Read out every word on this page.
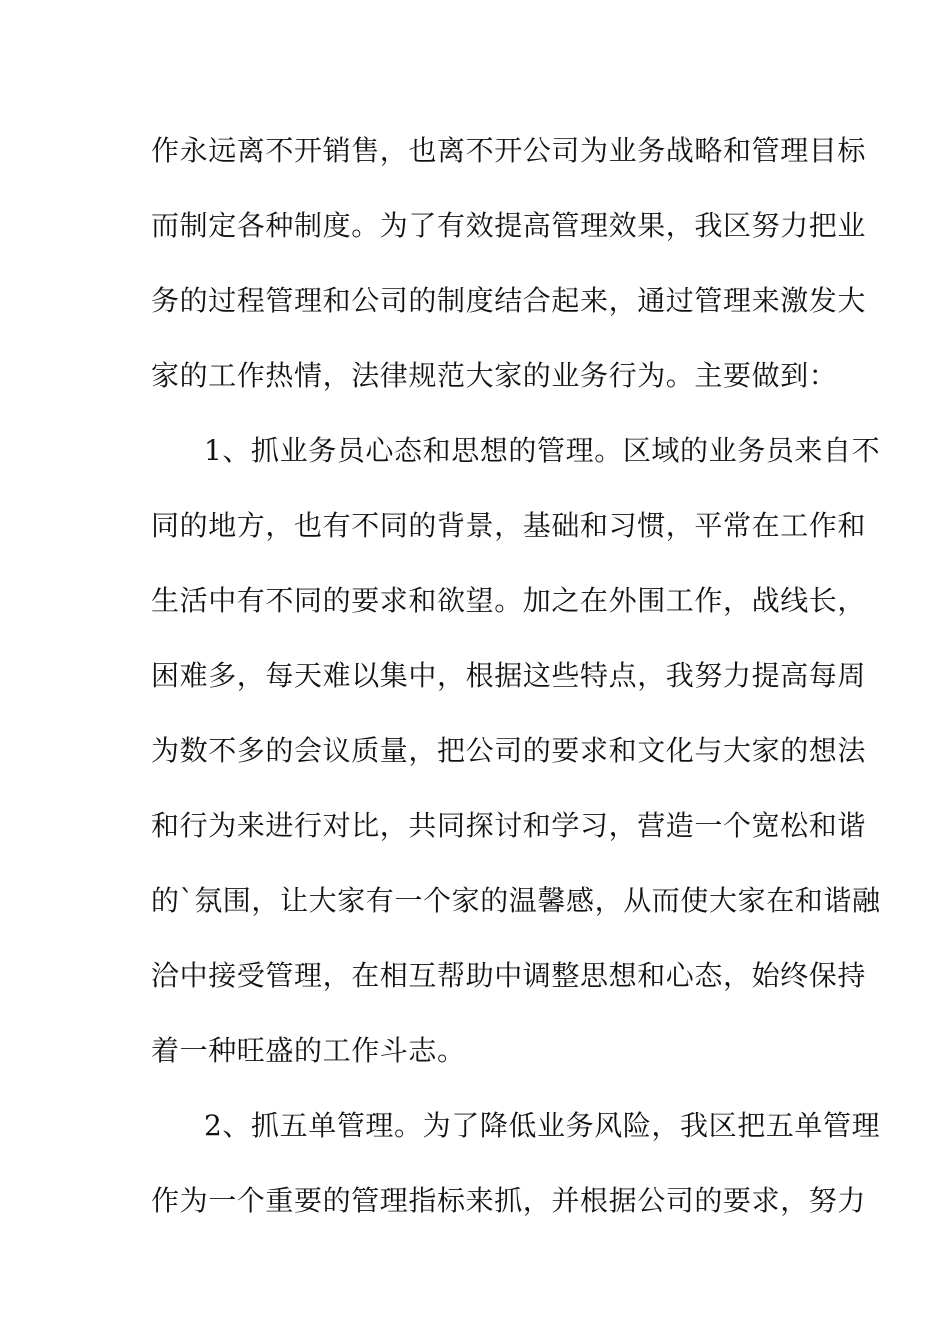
作永远离不开销售，也离不开公司为业务战略和管理目标
而制定各种制度。为了有效提高管理效果，我区努力把业
务的过程管理和公司的制度结合起来，通过管理来激发大
家的工作热情，法律规范大家的业务行为。主要做到：
1、抓业务员心态和思想的管理。区域的业务员来自不
同的地方，也有不同的背景，基础和习惯，平常在工作和
生活中有不同的要求和欲望。加之在外围工作，战线长，
困难多，每天难以集中，根据这些特点，我努力提高每周
为数不多的会议质量，把公司的要求和文化与大家的想法
和行为来进行对比，共同探讨和学习，营造一个宽松和谐
的`氛围，让大家有一个家的温馨感，从而使大家在和谐融
洽中接受管理，在相互帮助中调整思想和心态，始终保持
着一种旺盛的工作斗志。
2、抓五单管理。为了降低业务风险，我区把五单管理
作为一个重要的管理指标来抓，并根据公司的要求，努力
